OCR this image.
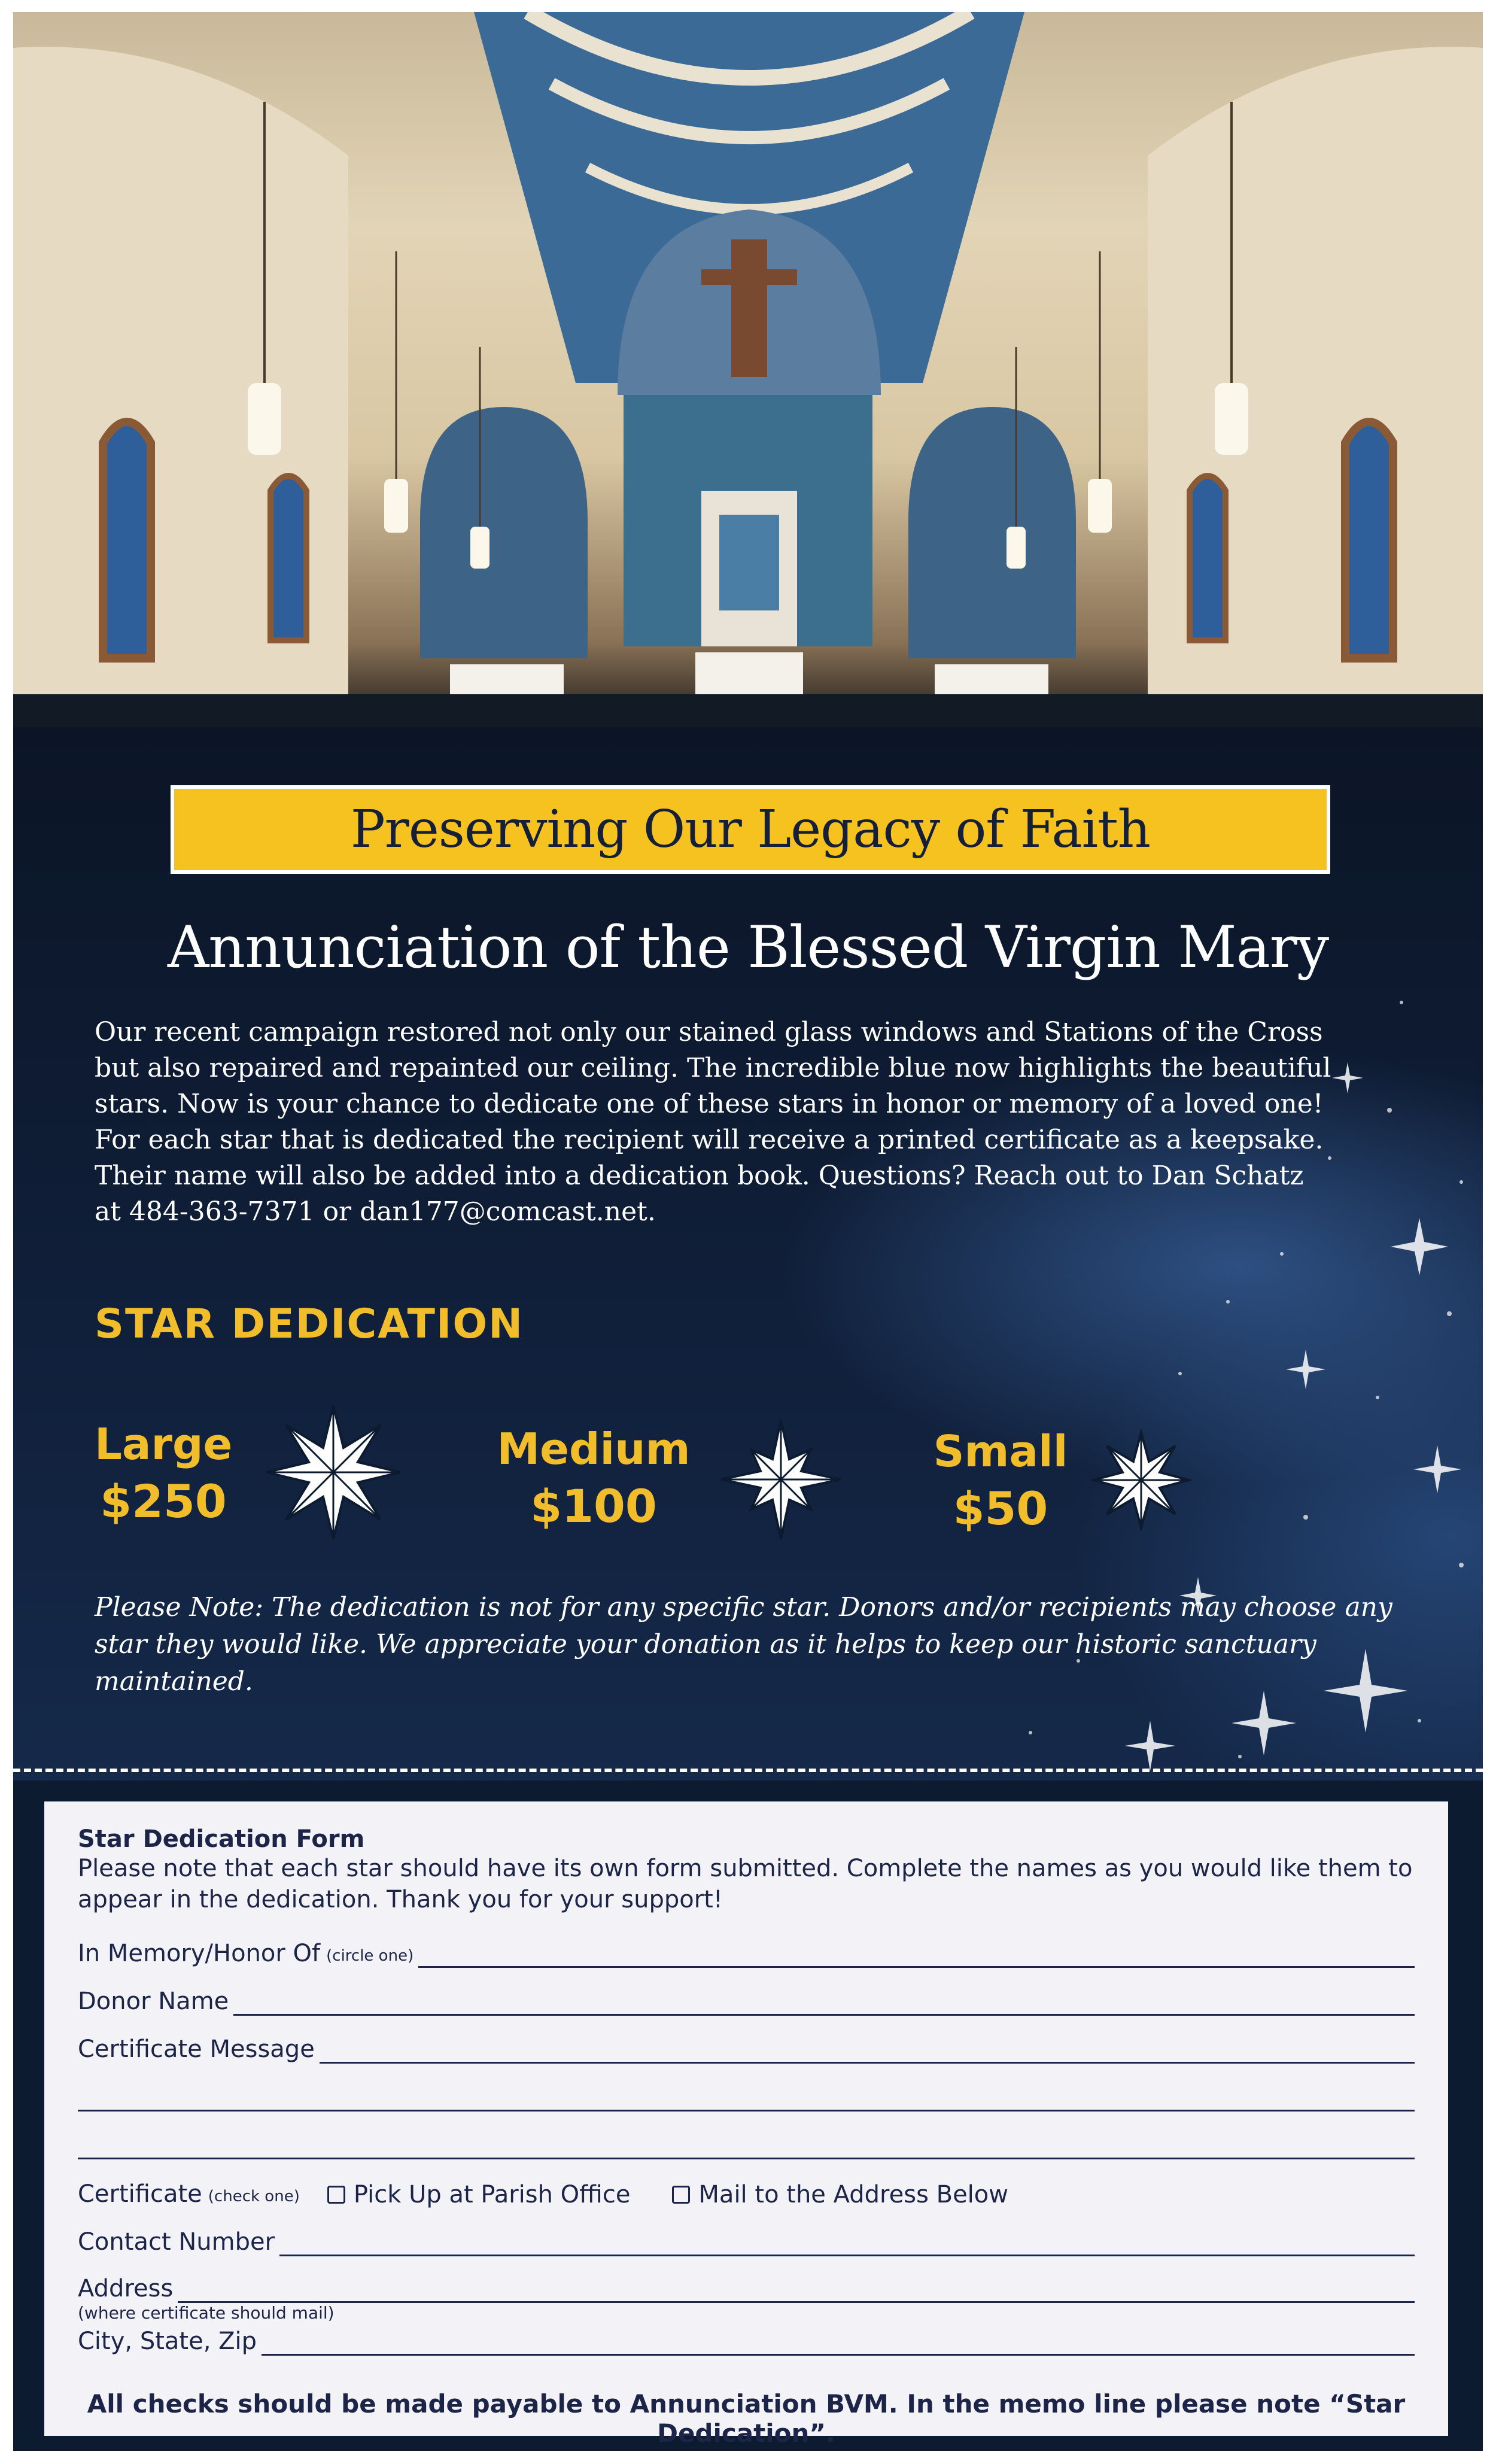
Preserving Our Legacy of Faith
Annunciation of the Blessed Virgin Mary

Our recent campaign restored not only our stained glass windows and Stations of the Cross but also repaired and repainted our ceiling. The incredible blue now highlights the beautiful stars. Now is your chance to dedicate one of these stars in honor or memory of a loved one! For each star that is dedicated the recipient will receive a printed certificate as a keepsake. Their name will also be added into a dedication book. Questions? Reach out to Dan Schatz at 484-363-7371 or dan177@comcast.net.

STAR DEDICATION
Large
$250
Medium
$100
Small
$50

Please Note: The dedication is not for any specific star. Donors and/or recipients may choose any star they would like. We appreciate your donation as it helps to keep our historic sanctuary maintained.

Star Dedication Form

Please note that each star should have its own form submitted. Complete the names as you would like them to appear in the dedication. Thank you for your support!

In Memory/Honor Of (circle one)
Donor Name
Certificate Message
Certificate (check one) Pick Up at Parish Office	Mail to the Address Below
Contact Number
Address
(where certificate should mail)
City, State, Zip
All checks should be made payable to Annunciation BVM. In the memo line please note “Star Dedication”.
